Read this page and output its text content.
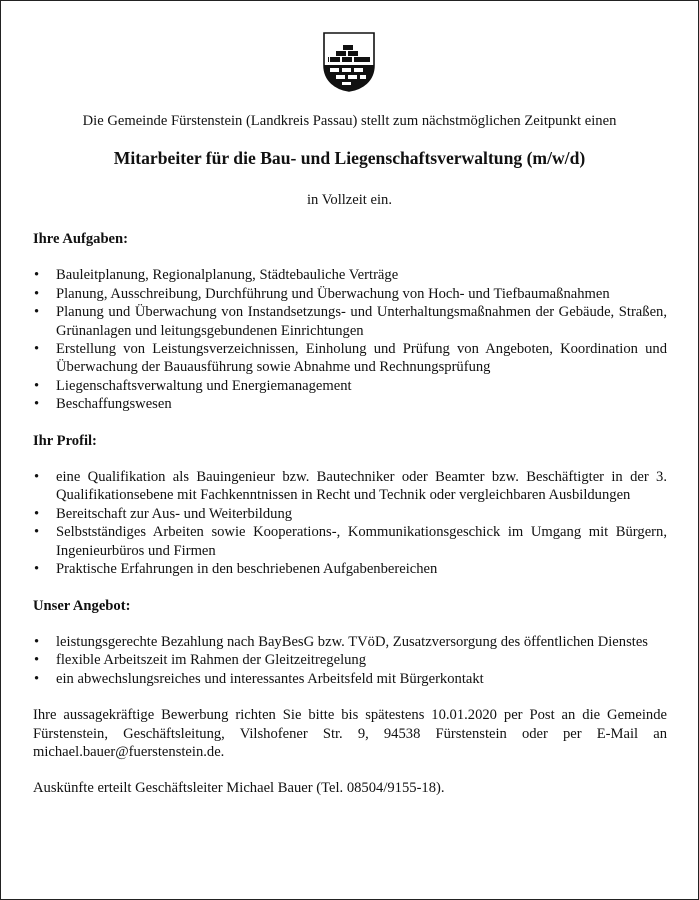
Die Gemeinde Fürstenstein (Landkreis Passau) stellt zum nächstmöglichen Zeitpunkt einen
Mitarbeiter für die Bau- und Liegenschaftsverwaltung (m/w/d)
in Vollzeit ein.
Ihre Aufgaben:
• Bauleitplanung, Regionalplanung, Städtebauliche Verträge
• Planung, Ausschreibung, Durchführung und Überwachung von Hoch- und Tiefbaumaßnahmen
• Planung und Überwachung von Instandsetzungs- und Unterhaltungsmaßnahmen der Gebäude, Straßen, Grünanlagen und leitungsgebundenen Einrichtungen
• Erstellung von Leistungsverzeichnissen, Einholung und Prüfung von Angeboten, Koordination und Überwachung der Bauausführung sowie Abnahme und Rechnungsprüfung
• Liegenschaftsverwaltung und Energiemanagement
• Beschaffungswesen
Ihr Profil:
• eine Qualifikation als Bauingenieur bzw. Bautechniker oder Beamter bzw. Beschäftigter in der 3. Qualifikationsebene mit Fachkenntnissen in Recht und Technik oder vergleichbaren Ausbildungen
• Bereitschaft zur Aus- und Weiterbildung
• Selbstständiges Arbeiten sowie Kooperations-, Kommunikationsgeschick im Umgang mit Bürgern, Ingenieurbüros und Firmen
• Praktische Erfahrungen in den beschriebenen Aufgabenbereichen
Unser Angebot:
• leistungsgerechte Bezahlung nach BayBesG bzw. TVöD, Zusatzversorgung des öffentlichen Dienstes
• flexible Arbeitszeit im Rahmen der Gleitzeitregelung
• ein abwechslungsreiches und interessantes Arbeitsfeld mit Bürgerkontakt

Ihre aussagekräftige Bewerbung richten Sie bitte bis spätestens 10.01.2020 per Post an die Gemeinde Fürstenstein, Geschäftsleitung, Vilshofener Str. 9, 94538 Fürstenstein oder per E-Mail an michael.bauer@fuerstenstein.de.

Auskünfte erteilt Geschäftsleiter Michael Bauer (Tel. 08504/9155-18).
